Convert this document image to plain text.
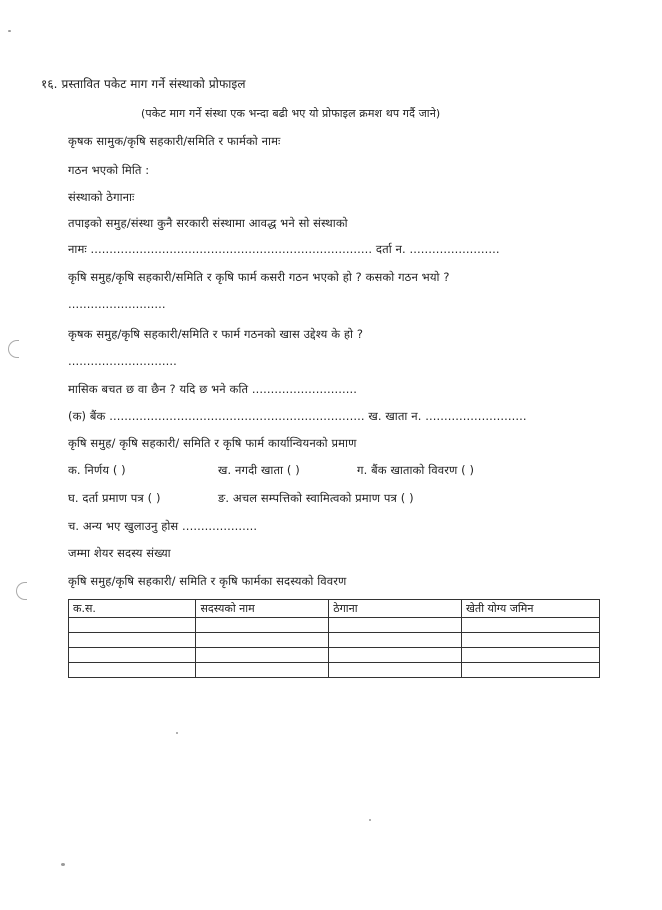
१६. प्रस्तावित पकेट माग गर्ने संस्थाको प्रोफाइल
(पकेट माग गर्ने संस्था एक भन्दा बढी भए यो प्रोफाइल क्रमश थप गर्दै जाने)
कृषक सामुक/कृषि सहकारी/समिति र फार्मको नामः
गठन भएको मिति :
संस्थाको ठेगानाः
तपाइको समुह/संस्था कुनै सरकारी संस्थामा आवद्ध भने सो संस्थाको
नामः ........................................................................... दर्ता न. ........................
कृषि समुह/कृषि सहकारी/समिति र कृषि फार्म कसरी गठन भएको हो ? कसको गठन भयो ?
..........................
कृषक समुह/कृषि सहकारी/समिति र फार्म गठनको खास उद्देश्य के हो ?
.............................
मासिक बचत छ वा छैन ? यदि छ भने कति ............................
(क) बैंक .................................................................... ख. खाता न. ...........................
कृषि समुह/ कृषि सहकारी/ समिति र कृषि फार्म कार्यान्वियनको प्रमाण
क. निर्णय ( )	ख. नगदी खाता ( )	ग. बैंक खाताको विवरण ( )
घ. दर्ता प्रमाण पत्र ( )	ङ. अचल सम्पत्तिको स्वामित्वको प्रमाण पत्र ( )
च. अन्य भए खुलाउनु होस ....................
जम्मा शेयर सदस्य संख्या
कृषि समुह/कृषि सहकारी/ समिति र कृषि फार्मका सदस्यको विवरण
क.स.	सदस्यको नाम	ठेगाना	खेती योग्य जमिन
